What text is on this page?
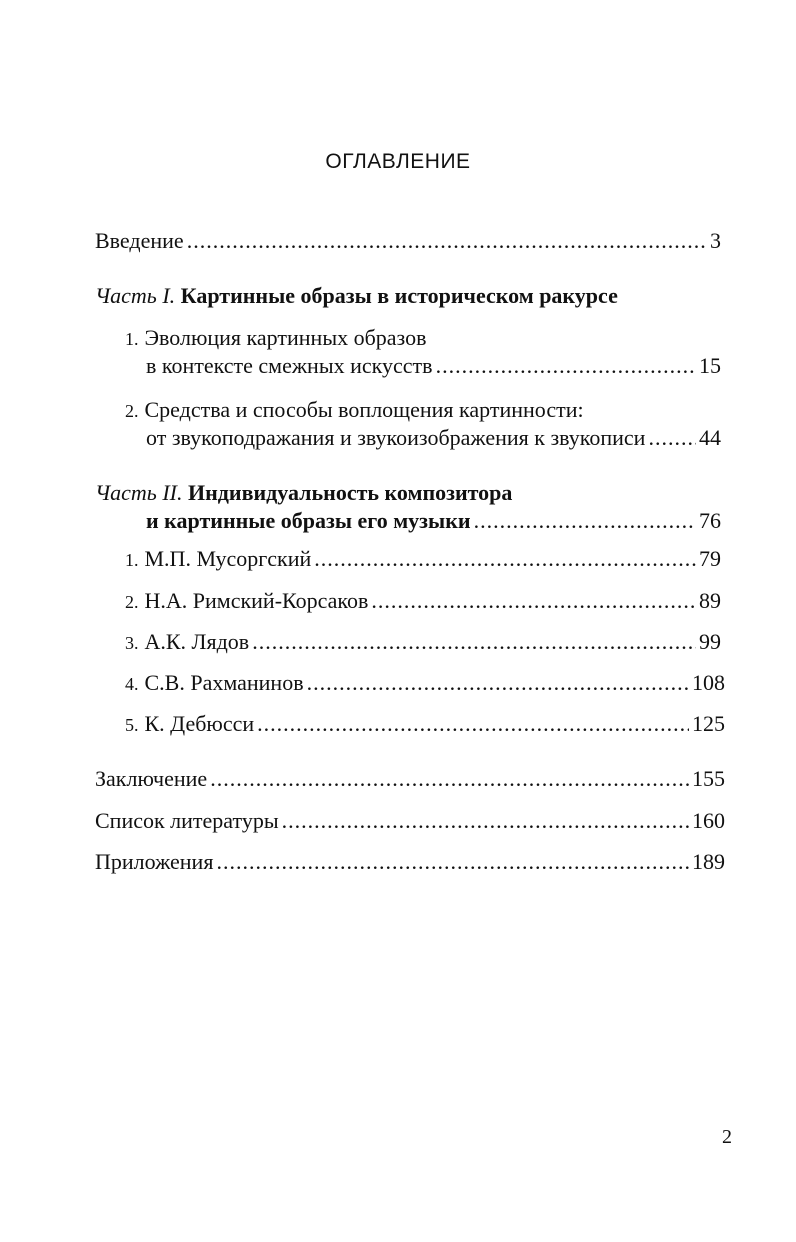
ОГЛАВЛЕНИЕ
Введение .....	3
Часть I. Картинные образы в историческом ракурсе
1. Эволюция картинных образов
в контексте смежных искусств .....	15
2. Средства и способы воплощения картинности:
от звукоподражания и звукоизображения к звукописи ..... 44
Часть II. Индивидуальность композитора
и картинные образы его музыки .....	76
1. М.П. Мусоргский .....	79
2. Н.А. Римский-Корсаков .....	89
3. А.К. Лядов .....	99
4. С.В. Рахманинов .....	108
5. К. Дебюсси .....	125
Заключение .....	155
Список литературы .....	160
Приложения .....	189
2
